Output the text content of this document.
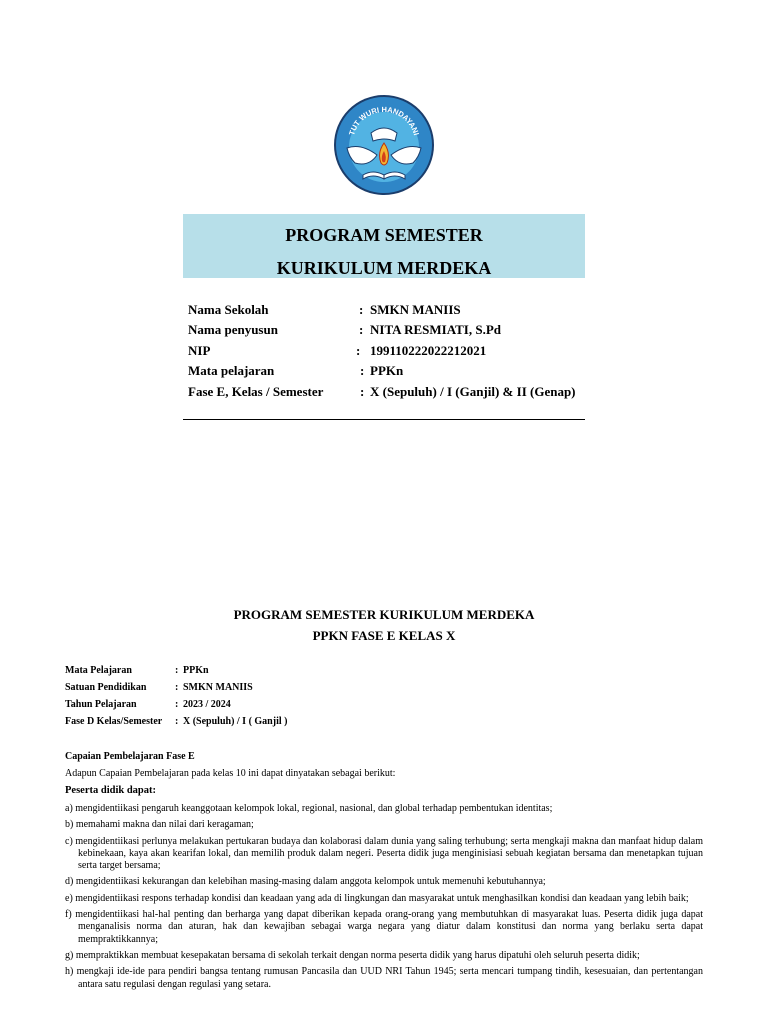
TUT WURI HANDAYANI
PROGRAM SEMESTER
KURIKULUM MERDEKA
Nama Sekolah	: SMKN MANIIS
Nama penyusun	: NITA RESMIATI, S.Pd
NIP	: 199110222022212021
Mata pelajaran	: PPKn
Fase E, Kelas / Semester	: X (Sepuluh) / I (Ganjil) & II (Genap)
PROGRAM SEMESTER KURIKULUM MERDEKA
PPKN FASE E KELAS X
Mata Pelajaran	: PPKn
Satuan Pendidikan	: SMKN MANIIS
Tahun Pelajaran	: 2023 / 2024
Fase D Kelas/Semester : X (Sepuluh) / I ( Ganjil )
Capaian Pembelajaran Fase E
Adapun Capaian Pembelajaran pada kelas 10 ini dapat dinyatakan sebagai berikut:
Peserta didik dapat:
a) mengidentiikasi pengaruh keanggotaan kelompok lokal, regional, nasional, dan global terhadap pembentukan identitas;
b) memahami makna dan nilai dari keragaman;
c) mengidentiikasi perlunya melakukan pertukaran budaya dan kolaborasi dalam dunia yang saling terhubung; serta mengkaji makna dan manfaat hidup dalam kebinekaan, kaya akan kearifan lokal, dan memilih produk dalam negeri. Peserta didik juga menginisiasi sebuah kegiatan bersama dan menetapkan tujuan serta target bersama;
d) mengidentiikasi kekurangan dan kelebihan masing-masing dalam anggota kelompok untuk memenuhi kebutuhannya;
e) mengidentiikasi respons terhadap kondisi dan keadaan yang ada di lingkungan dan masyarakat untuk menghasilkan kondisi dan keadaan yang lebih baik;
f) mengidentiikasi hal-hal penting dan berharga yang dapat diberikan kepada orang-orang yang membutuhkan di masyarakat luas. Peserta didik juga dapat menganalisis norma dan aturan, hak dan kewajiban sebagai warga negara yang diatur dalam konstitusi dan norma yang berlaku serta dapat mempraktikkannya;
g) mempraktikkan membuat kesepakatan bersama di sekolah terkait dengan norma peserta didik yang harus dipatuhi oleh seluruh peserta didik;
h) mengkaji ide-ide para pendiri bangsa tentang rumusan Pancasila dan UUD NRI Tahun 1945; serta mencari tumpang tindih, kesesuaian, dan pertentangan antara satu regulasi dengan regulasi yang setara.
